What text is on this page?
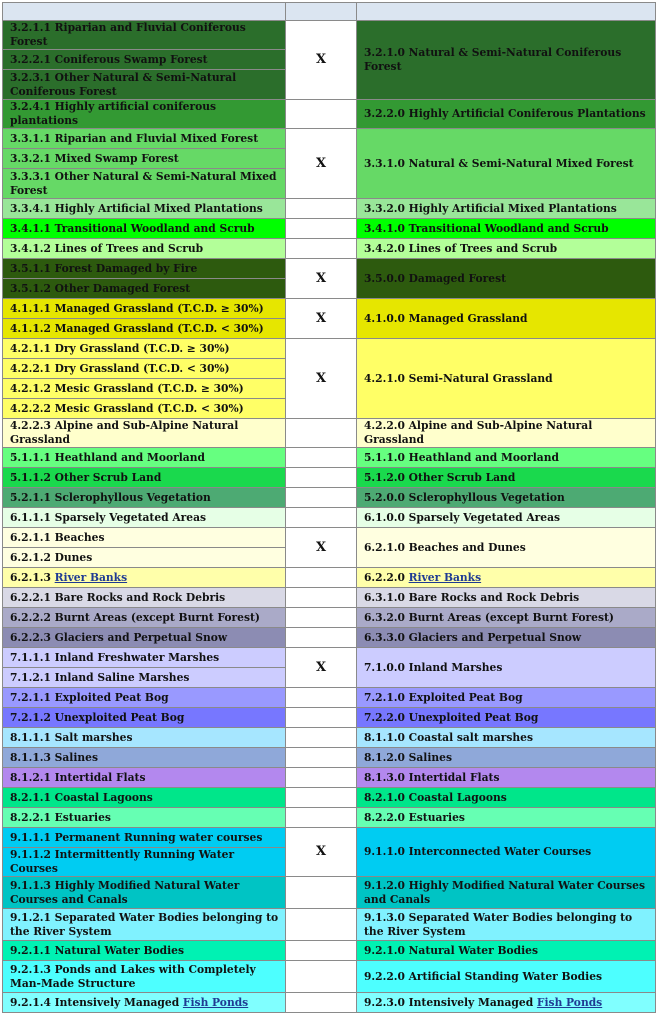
3.2.1.1 Riparian and Fluvial Coniferous Forest	X	3.2.1.0 Natural & Semi-Natural Coniferous Forest
3.2.2.1 Coniferous Swamp Forest		
3.2.3.1 Other Natural & Semi-Natural Coniferous Forest		
3.2.4.1 Highly artificial coniferous plantations		3.2.2.0 Highly Artificial Coniferous Plantations
3.3.1.1 Riparian and Fluvial Mixed Forest	X	3.3.1.0 Natural & Semi-Natural Mixed Forest
3.3.2.1 Mixed Swamp Forest		
3.3.3.1 Other Natural & Semi-Natural Mixed Forest		
3.3.4.1 Highly Artificial Mixed Plantations		3.3.2.0 Highly Artificial Mixed Plantations
3.4.1.1 Transitional Woodland and Scrub		3.4.1.0 Transitional Woodland and Scrub
3.4.1.2 Lines of Trees and Scrub		3.4.2.0 Lines of Trees and Scrub
3.5.1.1 Forest Damaged by Fire	X	3.5.0.0 Damaged Forest
3.5.1.2 Other Damaged Forest		
4.1.1.1 Managed Grassland (T.C.D. ≥ 30%)	X	4.1.0.0 Managed Grassland
4.1.1.2 Managed Grassland (T.C.D. < 30%)		
4.2.1.1 Dry Grassland (T.C.D. ≥ 30%)	X	4.2.1.0 Semi-Natural Grassland
4.2.2.1 Dry Grassland (T.C.D. < 30%)		
4.2.1.2 Mesic Grassland (T.C.D. ≥ 30%)		
4.2.2.2 Mesic Grassland (T.C.D. < 30%)		
4.2.2.3 Alpine and Sub-Alpine Natural Grassland		4.2.2.0 Alpine and Sub-Alpine Natural Grassland
5.1.1.1 Heathland and Moorland		5.1.1.0 Heathland and Moorland
5.1.1.2 Other Scrub Land		5.1.2.0 Other Scrub Land
5.2.1.1 Sclerophyllous Vegetation		5.2.0.0 Sclerophyllous Vegetation
6.1.1.1 Sparsely Vegetated Areas		6.1.0.0 Sparsely Vegetated Areas
6.2.1.1 Beaches	X	6.2.1.0 Beaches and Dunes
6.2.1.2 Dunes		
6.2.1.3 River Banks		6.2.2.0 River Banks
6.2.2.1 Bare Rocks and Rock Debris		6.3.1.0 Bare Rocks and Rock Debris
6.2.2.2 Burnt Areas (except Burnt Forest)		6.3.2.0 Burnt Areas (except Burnt Forest)
6.2.2.3 Glaciers and Perpetual Snow		6.3.3.0 Glaciers and Perpetual Snow
7.1.1.1 Inland Freshwater Marshes	X	7.1.0.0 Inland Marshes
7.1.2.1 Inland Saline Marshes		
7.2.1.1 Exploited Peat Bog		7.2.1.0 Exploited Peat Bog
7.2.1.2 Unexploited Peat Bog		7.2.2.0 Unexploited Peat Bog
8.1.1.1 Salt marshes		8.1.1.0 Coastal salt marshes
8.1.1.3 Salines		8.1.2.0 Salines
8.1.2.1 Intertidal Flats		8.1.3.0 Intertidal Flats
8.2.1.1 Coastal Lagoons		8.2.1.0 Coastal Lagoons
8.2.2.1 Estuaries		8.2.2.0 Estuaries
9.1.1.1 Permanent Running water courses	X	9.1.1.0 Interconnected Water Courses
9.1.1.2 Intermittently Running Water Courses		
9.1.1.3 Highly Modified Natural Water Courses and Canals		9.1.2.0 Highly Modified Natural Water Courses and Canals
9.1.2.1 Separated Water Bodies belonging to the River System		9.1.3.0 Separated Water Bodies belonging to the River System
9.2.1.1 Natural Water Bodies		9.2.1.0 Natural Water Bodies
9.2.1.3 Ponds and Lakes with Completely Man-Made Structure		9.2.2.0 Artificial Standing Water Bodies
9.2.1.4 Intensively Managed Fish Ponds		9.2.3.0 Intensively Managed Fish Ponds
